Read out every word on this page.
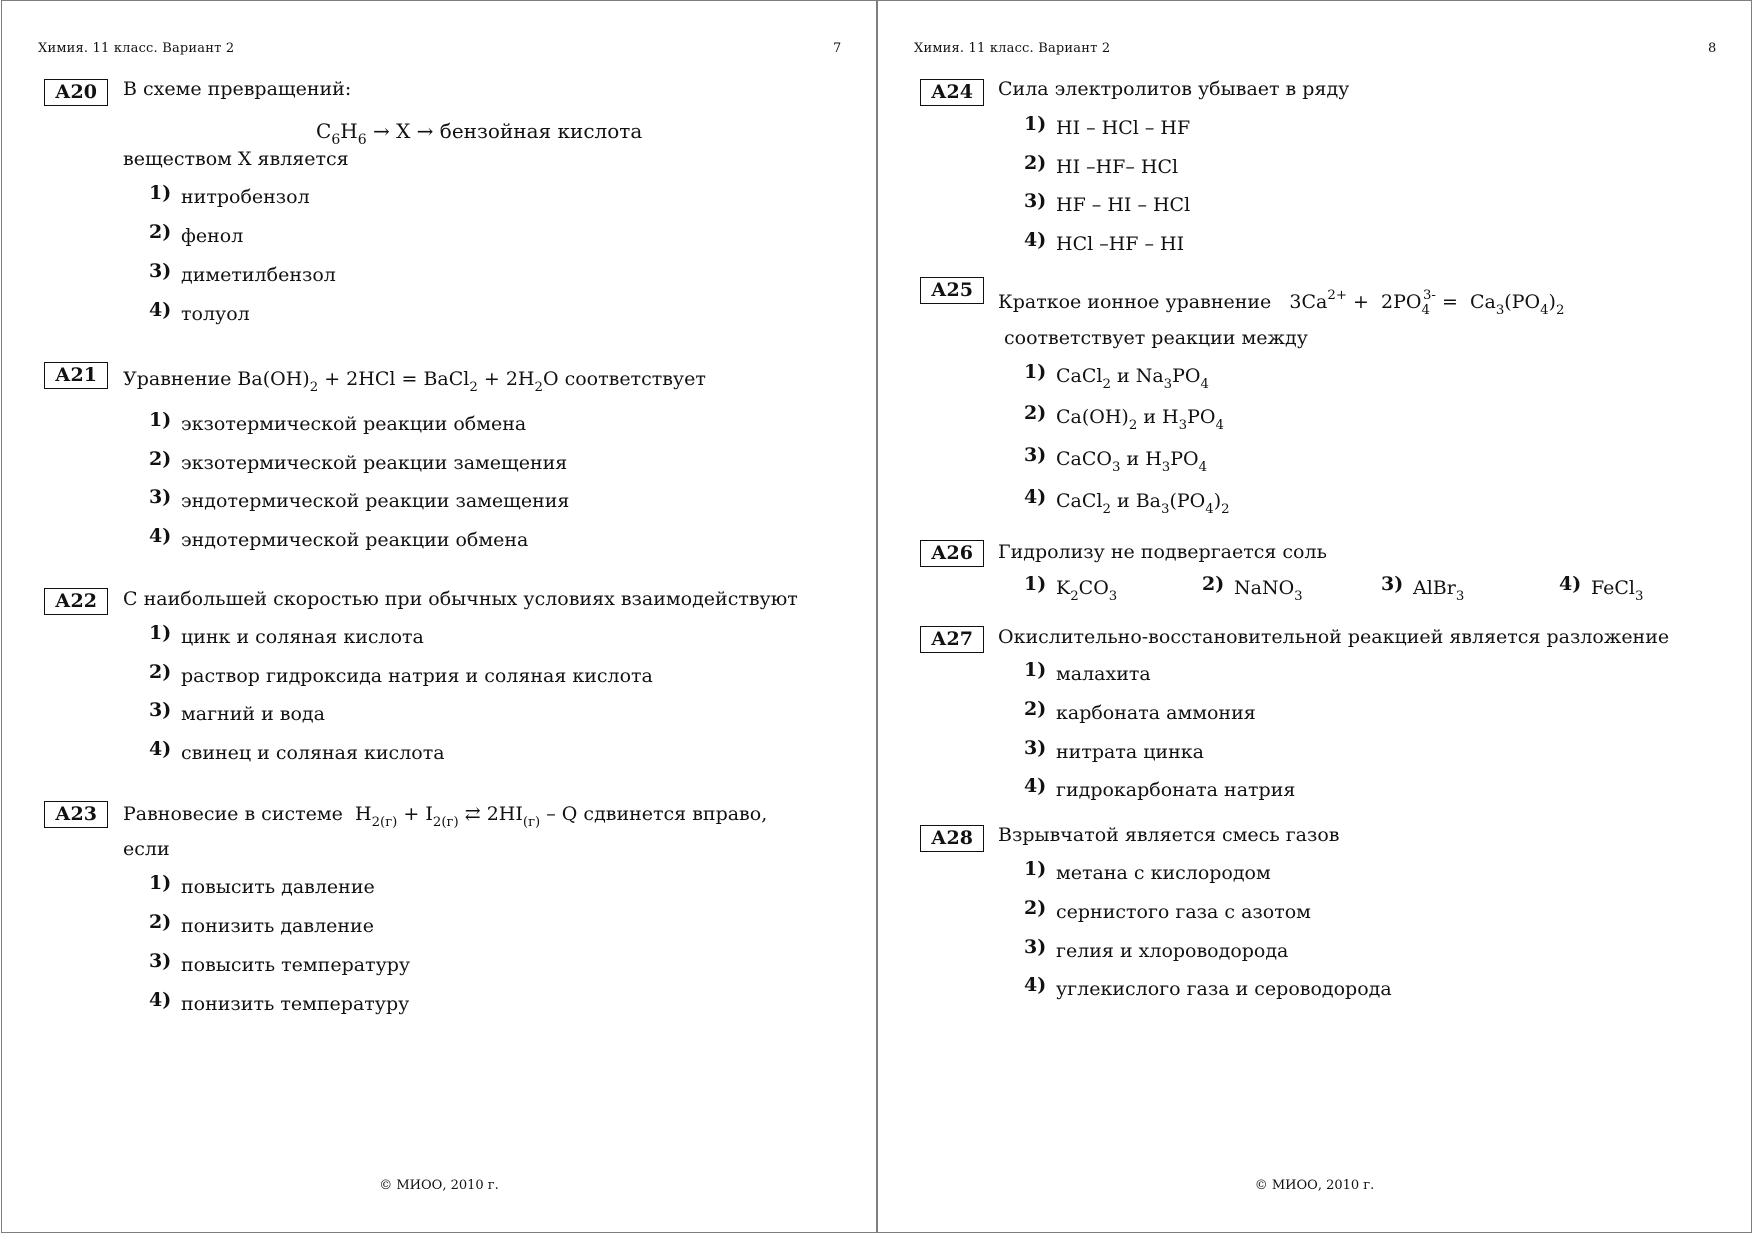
Химия. 11 класс. Вариант 2	7
А20	В схеме превращений:
$C_6H_6 \to X$ → бензойная кислота
веществом Х является
1) нитробензол
2) фенол
3) диметилбензол
4) толуол
А21	Уравнение $Ba(OH)_2 + 2HCl$ = BaCl$_2$ + $2H_2O$ соответствует
1) экзотермической реакции обмена
2) экзотермической реакции замещения
3) эндотермической реакции замещения
4) эндотермической реакции обмена
А22	С наибольшей скоростью при обычных условиях взаимодействуют
1) цинк и соляная кислота
2) раствор гидроксида натрия и соляная кислота
3) магний и вода
4) свинец и соляная кислота
А23	Равновесие в системе  $H_{2(г)} + I_{2(г)}$ ⇄ $2HI_{(г)}$ – Q сдвинется вправо,
если
1) повысить давление
2) понизить давление
3) повысить температуру
4) понизить температуру
© МИОО, 2010 г.
Химия. 11 класс. Вариант 2	8
А24	Сила электролитов убывает в ряду
1) HI – HCl – HF
2) HI –HF– HCl
3) HF – HI – HCl
4) HCl –HF – HI
А25
Краткое ионное уравнение   $3Ca^{2+} + 2PO_4^{3-} = Ca_3(PO_4)_2$
соответствует реакции между
1) CaCl$_2$ и $Na_3PO_4$
2) $Ca(OH)_2$ и $H_3PO_4$
3) CaCO$_3$ и $H_3PO_4$
4) CaCl$_2$ и $Ba_3(PO_4)_2$
А26	Гидролизу не подвергается соль
1) $K_2CO_3$
2) NaNO$_3$
3) AlBr$_3$
4) FeCl$_3$
А27	Окислительно-восстановительной реакцией является разложение
1) малахита
2) карбоната аммония
3) нитрата цинка
4) гидрокарбоната натрия
А28	Взрывчатой является смесь газов
1) метана с кислородом
2) сернистого газа с азотом
3) гелия и хлороводорода
4) углекислого газа и сероводорода
© МИОО, 2010 г.
